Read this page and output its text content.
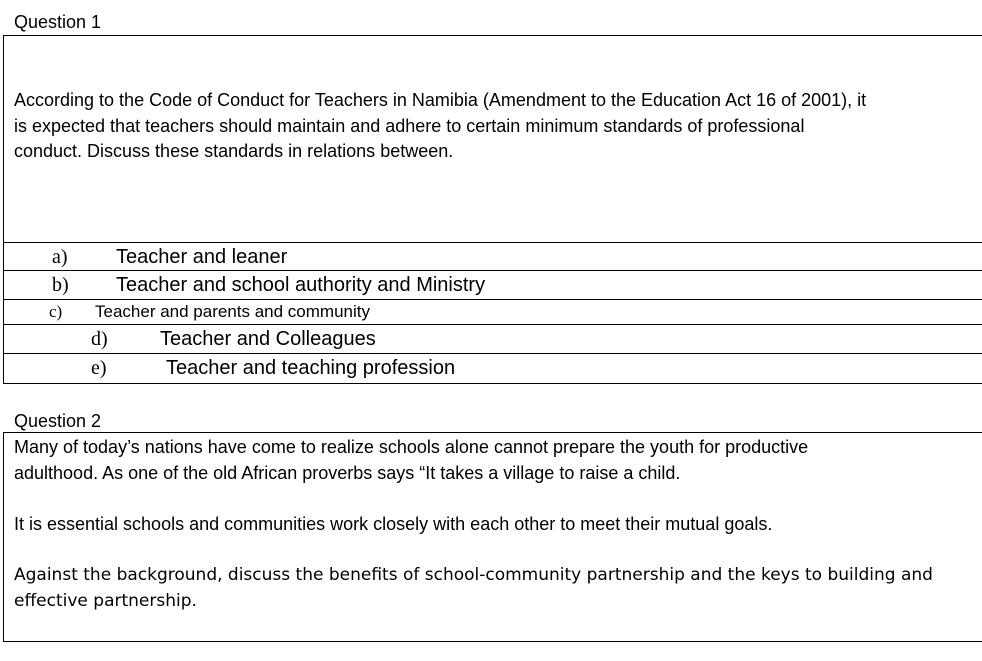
Question 1

According to the Code of Conduct for Teachers in Namibia (Amendment to the Education Act 16 of 2001), it
is expected that teachers should maintain and adhere to certain minimum standards of professional
conduct. Discuss these standards in relations between.

a) Teacher and leaner
b) Teacher and school authority and Ministry
c) Teacher and parents and community
d)	Teacher and Colleagues
e)	Teacher and teaching profession
Question 2

Many of today’s nations have come to realize schools alone cannot prepare the youth for productive
adulthood. As one of the old African proverbs says “It takes a village to raise a child.

It is essential schools and communities work closely with each other to meet their mutual goals.

Against the background, discuss the benefits of school-community partnership and the keys to building and
effective partnership.
